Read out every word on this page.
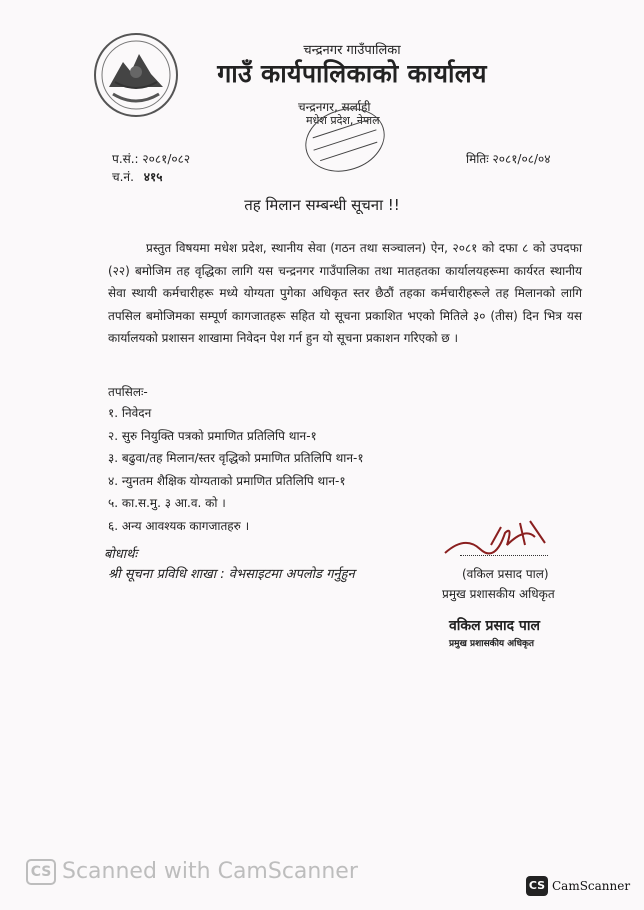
चन्द्रनगर गाउँपालिका
गाउँ कार्यपालिकाको कार्यालय
चन्द्रनगर, सर्लाही
मधेश प्रदेश, नेपाल
प.सं.: २०८१/०८२
च.नं. ४१५
मितिः २०८१/०८/०४
तह मिलान सम्बन्धी सूचना !!
प्रस्तुत विषयमा मधेश प्रदेश, स्थानीय सेवा (गठन तथा सञ्चालन) ऐन, २०८१ को दफा ८ को उपदफा (२२) बमोजिम तह वृद्धिका लागि यस चन्द्रनगर गाउँपालिका तथा मातहतका कार्यालयहरूमा कार्यरत स्थानीय सेवा स्थायी कर्मचारीहरू मध्ये योग्यता पुगेका अधिकृत स्तर छैठौं तहका कर्मचारीहरूले तह मिलानको लागि तपसिल बमोजिमका सम्पूर्ण कागजातहरू सहित यो सूचना प्रकाशित भएको मितिले ३० (तीस) दिन भित्र यस कार्यालयको प्रशासन शाखामा निवेदन पेश गर्न हुन यो सूचना प्रकाशन गरिएको छ ।
तपसिलः-
१. निवेदन
२. सुरु नियुक्ति पत्रको प्रमाणित प्रतिलिपि थान-१
३. बढुवा/तह मिलान/स्तर वृद्धिको प्रमाणित प्रतिलिपि थान-१
४. न्युनतम शैक्षिक योग्यताको प्रमाणित प्रतिलिपि थान-१
५. का.स.मु. ३ आ.व. को ।
६. अन्य आवश्यक कागजातहरु ।
बोधार्थः
श्री सूचना प्रविधि शाखा : वेभसाइटमा अपलोड गर्नुहुन	(वकिल प्रसाद पाल)
प्रमुख प्रशासकीय अधिकृत
वकिल प्रसाद पाल
प्रमुख प्रशासकीय अधिकृत
CS Scanned with CamScanner
CS CamScanner
